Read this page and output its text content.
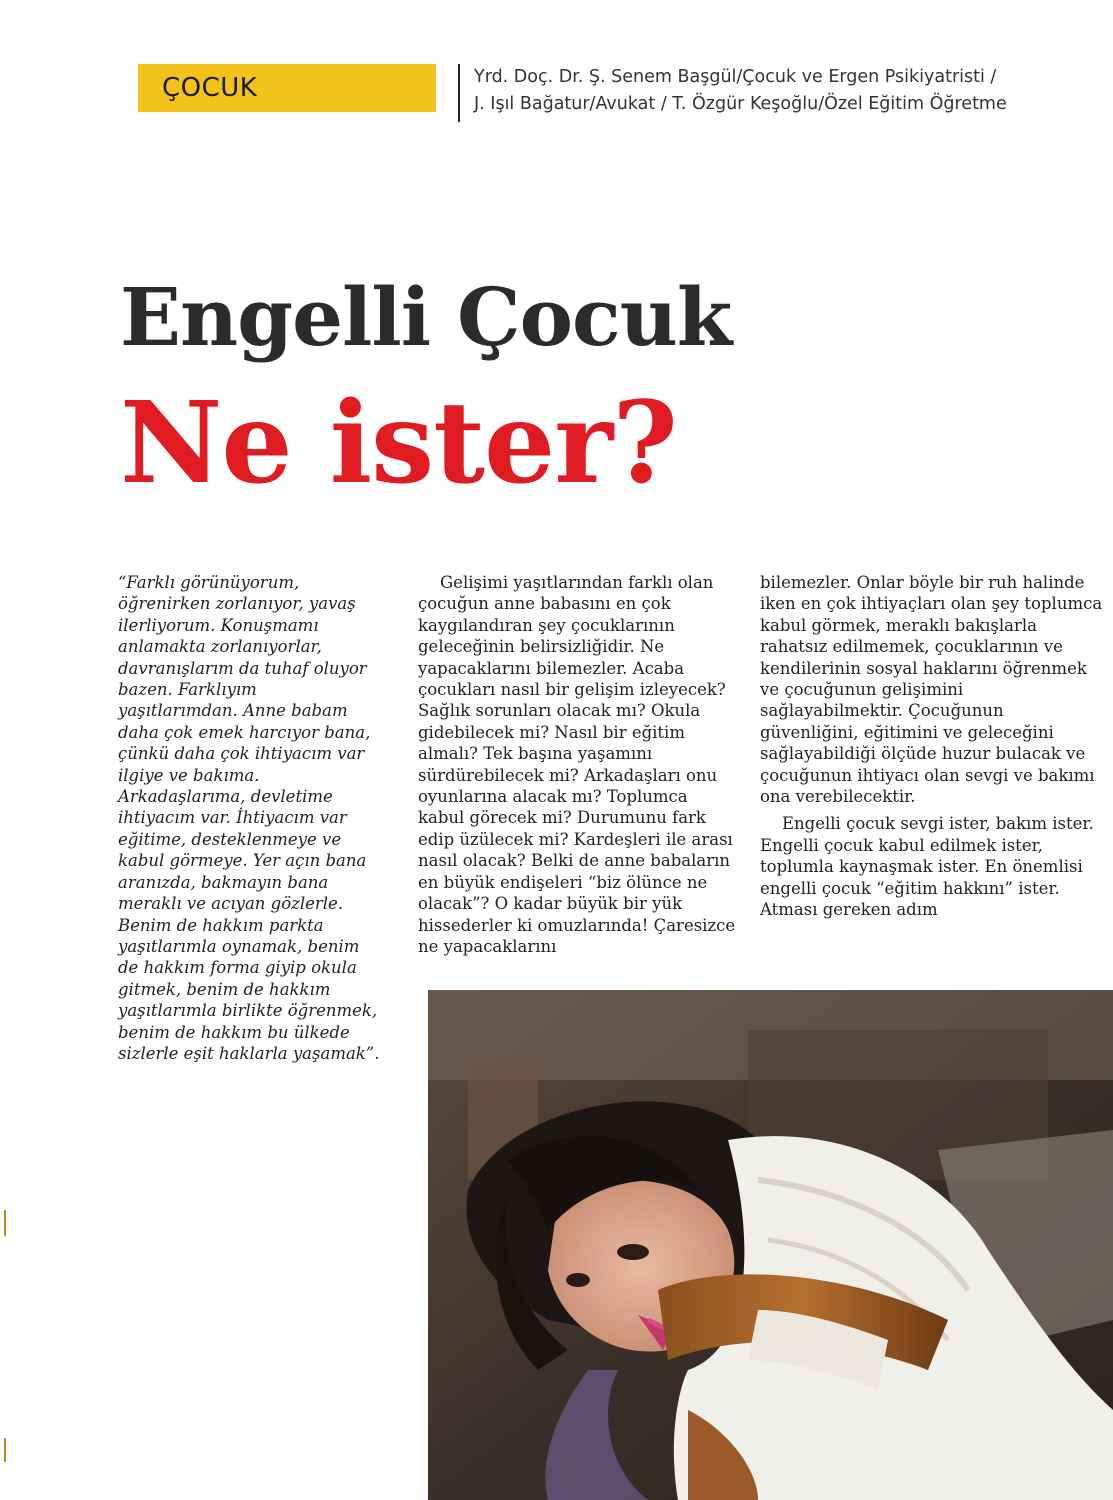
ÇOCUK	Yrd. Doç. Dr. Ş. Senem Başgül/Çocuk ve Ergen Psikiyatristi /
J. Işıl Bağatur/Avukat / T. Özgür Keşoğlu/Özel Eğitim Öğretme
Engelli Çocuk
Ne ister?

“Farklı görünüyorum, öğrenirken zorlanıyor, yavaş ilerliyorum. Konuşmamı anlamakta zorlanıyorlar, davranışlarım da tuhaf oluyor bazen. Farklıyım yaşıtlarımdan. Anne babam daha çok emek harcıyor bana, çünkü daha çok ihtiyacım var ilgiye ve bakıma. Arkadaşlarıma, devletime ihtiyacım var. İhtiyacım var eğitime, desteklenmeye ve kabul görmeye. Yer açın bana aranızda, bakmayın bana meraklı ve acıyan gözlerle. Benim de hakkım parkta yaşıtlarımla oynamak, benim de hakkım forma giyip okula gitmek, benim de hakkım yaşıtlarımla birlikte öğrenmek, benim de hakkım bu ülkede sizlerle eşit haklarla yaşamak”.

Gelişimi yaşıtlarından farklı olan çocuğun anne babasını en çok kaygılandıran şey çocuklarının geleceğinin belirsizliğidir. Ne yapacaklarını bilemezler. Acaba çocukları nasıl bir gelişim izleyecek? Sağlık sorunları olacak mı? Okula gidebilecek mi? Nasıl bir eğitim almalı? Tek başına yaşamını sürdürebilecek mi? Arkadaşları onu oyunlarına alacak mı? Toplumca kabul görecek mi? Durumunu fark edip üzülecek mi? Kardeşleri ile arası nasıl olacak? Belki de anne babaların en büyük endişeleri “biz ölünce ne olacak”? O kadar büyük bir yük hissederler ki omuzlarında! Çaresizce ne yapacaklarını

bilemezler. Onlar böyle bir ruh halinde iken en çok ihtiyaçları olan şey toplumca kabul görmek, meraklı bakışlarla rahatsız edilmemek, çocuklarının ve kendilerinin sosyal haklarını öğrenmek ve çocuğunun gelişimini sağlayabilmektir. Çocuğunun güvenliğini, eğitimini ve geleceğini sağlayabildiği ölçüde huzur bulacak ve çocuğunun ihtiyacı olan sevgi ve bakımı ona verebilecektir.

Engelli çocuk sevgi ister, bakım ister. Engelli çocuk kabul edilmek ister, toplumla kaynaşmak ister. En önemlisi engelli çocuk “eğitim hakkını” ister. Atması gereken adım
